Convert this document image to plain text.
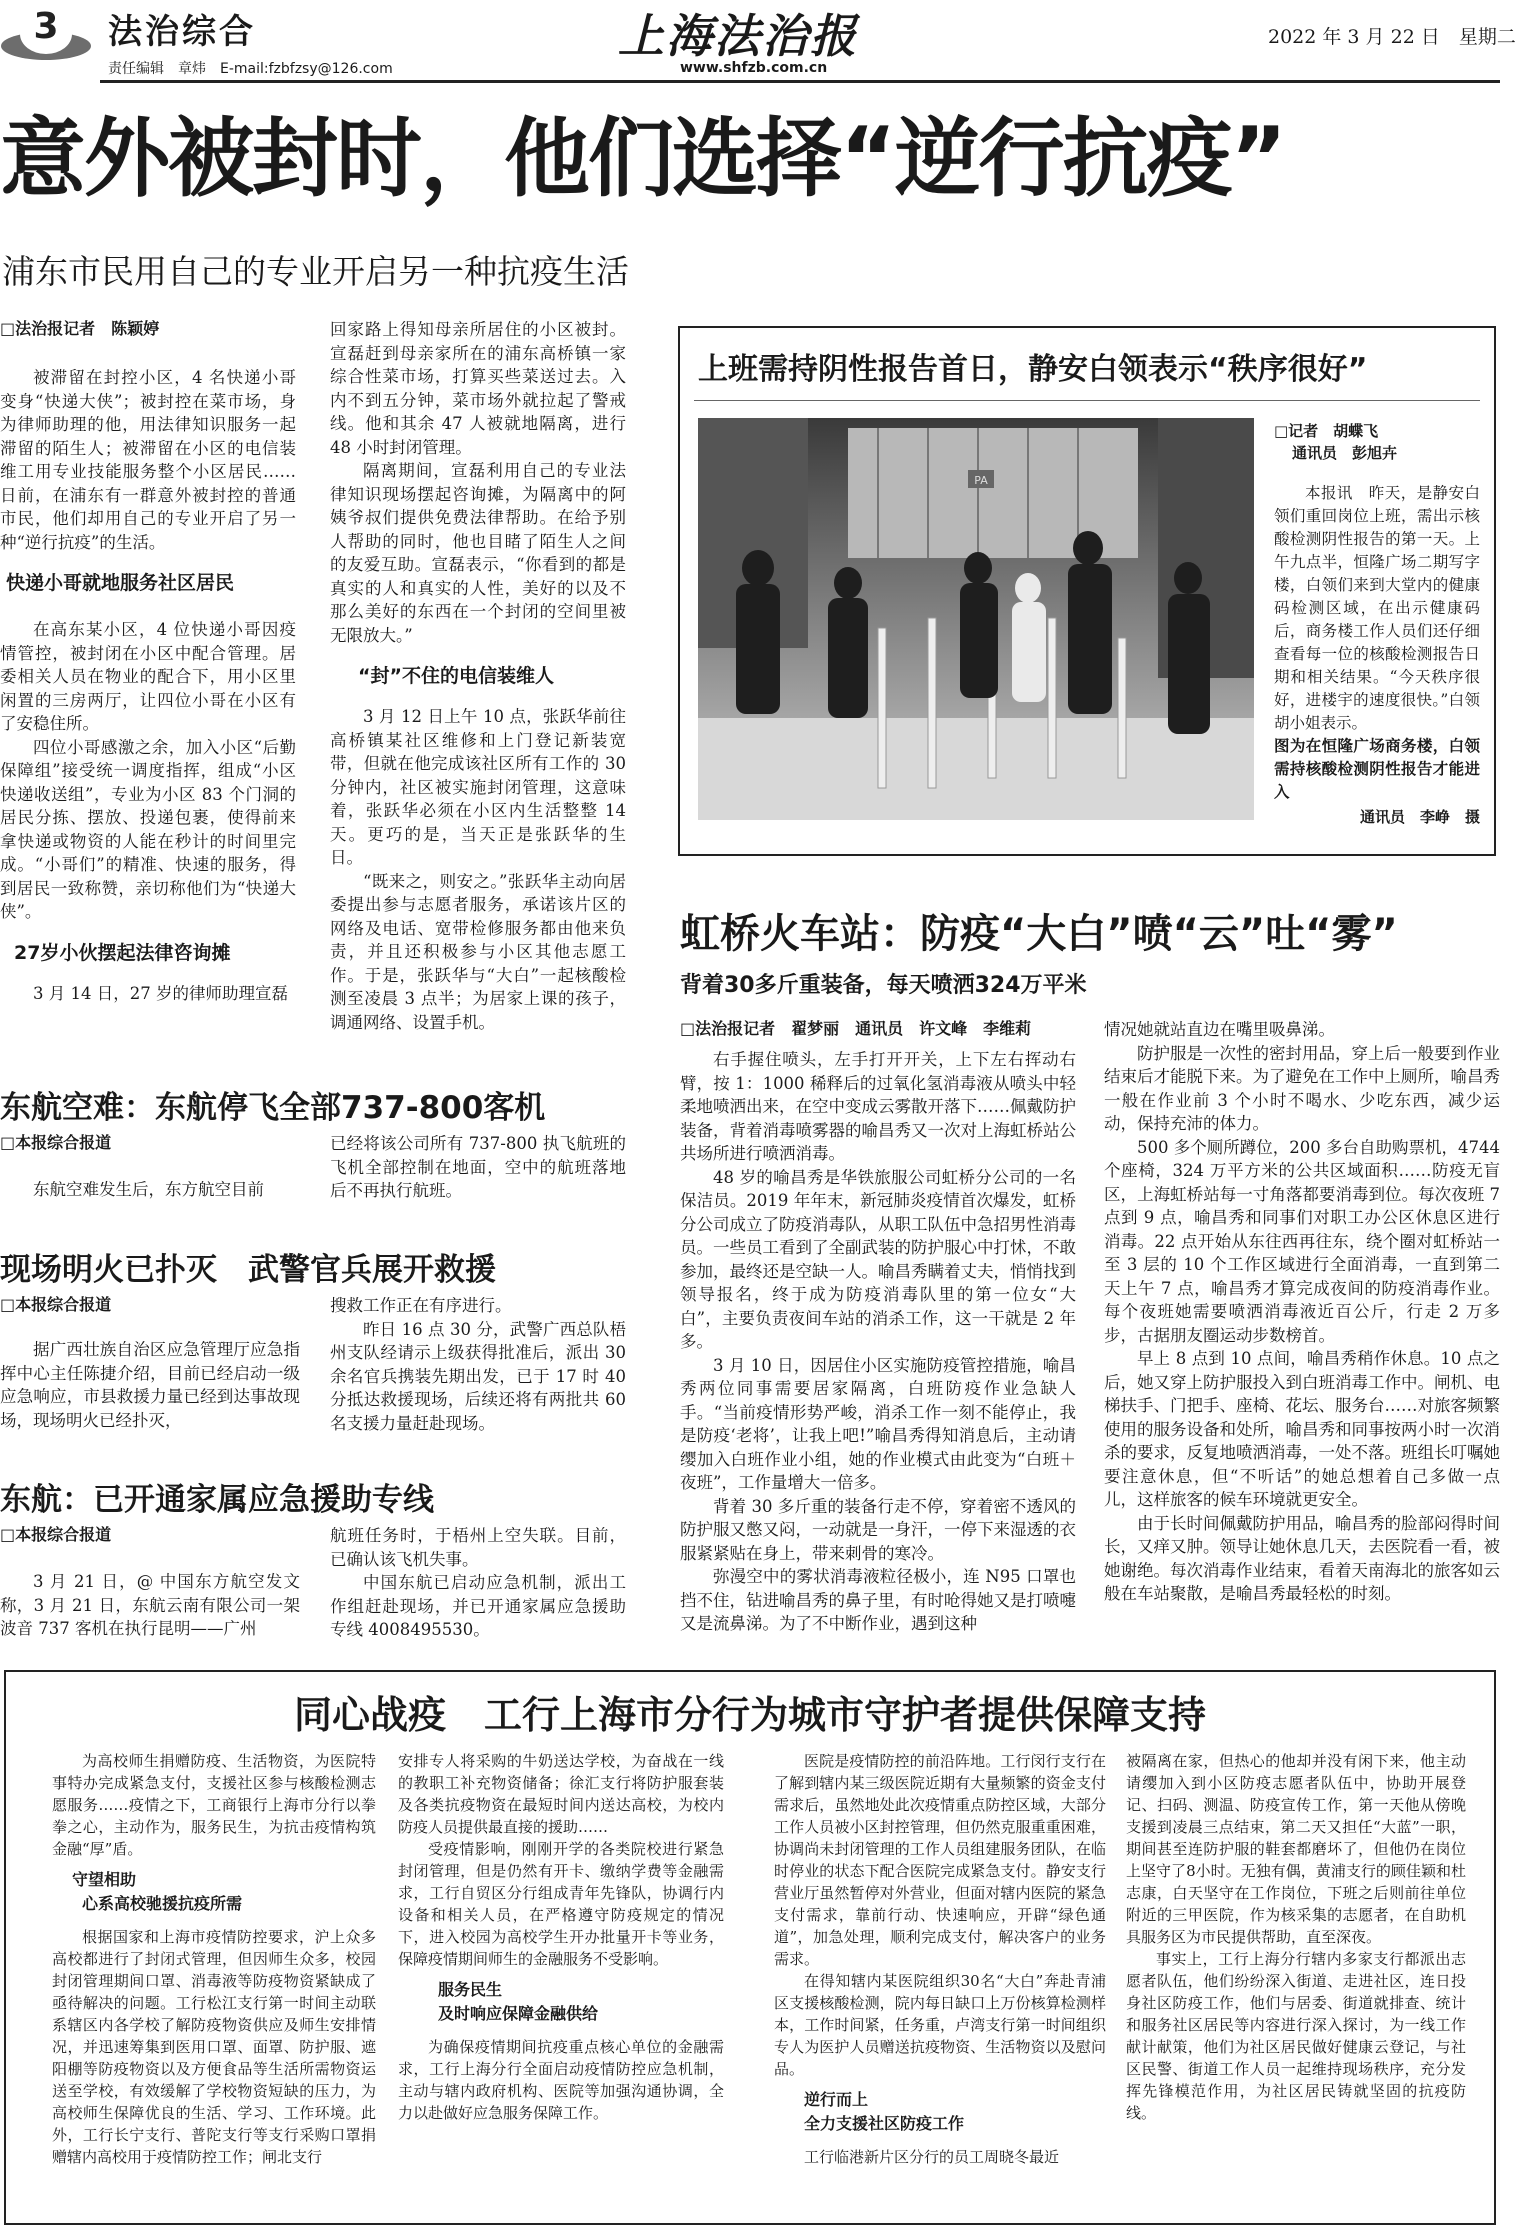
3	法治综合
责任编辑　章炜　E-mail:fzbfzsy@126.com
上海法治报
www.shfzb.com.cn
2022 年 3 月 22 日　星期二
意外被封时，他们选择“逆行抗疫”
浦东市民用自己的专业开启另一种抗疫生活
□法治报记者　陈颖婷

被滞留在封控小区，4 名快递小哥变身“快递大侠”；被封控在菜市场，身为律师助理的他，用法律知识服务一起滞留的陌生人；被滞留在小区的电信装维工用专业技能服务整个小区居民……日前，在浦东有一群意外被封控的普通市民，他们却用自己的专业开启了另一种“逆行抗疫”的生活。

快递小哥就地服务社区居民

在高东某小区，4 位快递小哥因疫情管控，被封闭在小区中配合管理。居委相关人员在物业的配合下，用小区里闲置的三房两厅，让四位小哥在小区有了安稳住所。

四位小哥感激之余，加入小区“后勤保障组”接受统一调度指挥，组成“小区快递收送组”，专业为小区 83 个门洞的居民分拣、摆放、投递包裹，使得前来拿快递或物资的人能在秒计的时间里完成。“小哥们”的精准、快速的服务，得到居民一致称赞，亲切称他们为“快递大侠”。

27岁小伙摆起法律咨询摊

3 月 14 日，27 岁的律师助理宣磊

回家路上得知母亲所居住的小区被封。宣磊赶到母亲家所在的浦东高桥镇一家综合性菜市场，打算买些菜送过去。入内不到五分钟，菜市场外就拉起了警戒线。他和其余 47 人被就地隔离，进行 48 小时封闭管理。

隔离期间，宣磊利用自己的专业法律知识现场摆起咨询摊，为隔离中的阿姨爷叔们提供免费法律帮助。在给予别人帮助的同时，他也目睹了陌生人之间的友爱互助。宣磊表示，“你看到的都是真实的人和真实的人性，美好的以及不那么美好的东西在一个封闭的空间里被无限放大。”

“封”不住的电信装维人

3 月 12 日上午 10 点，张跃华前往高桥镇某社区维修和上门登记新装宽带，但就在他完成该社区所有工作的 30 分钟内，社区被实施封闭管理，这意味着，张跃华必须在小区内生活整整 14 天。更巧的是，当天正是张跃华的生日。

“既来之，则安之。”张跃华主动向居委提出参与志愿者服务，承诺该片区的网络及电话、宽带检修服务都由他来负责，并且还积极参与小区其他志愿工作。于是，张跃华与“大白”一起核酸检测至凌晨 3 点半；为居家上课的孩子，调通网络、设置手机。

上班需持阴性报告首日，静安白领表示“秩序很好”
PA
□记者　胡蝶飞
通讯员　彭旭卉

本报讯　昨天，是静安白领们重回岗位上班，需出示核酸检测阴性报告的第一天。上午九点半，恒隆广场二期写字楼，白领们来到大堂内的健康码检测区域，在出示健康码后，商务楼工作人员们还仔细查看每一位的核酸检测报告日期和相关结果。“今天秩序很好，进楼宇的速度很快。”白领胡小姐表示。

图为在恒隆广场商务楼，白领需持核酸检测阴性报告才能进入

通讯员　李峥　摄
虹桥火车站：防疫“大白”喷“云”吐“雾”
背着30多斤重装备，每天喷洒324万平米
□法治报记者　翟梦丽　通讯员　许文峰　李维莉

右手握住喷头，左手打开开关，上下左右挥动右臂，按 1：1000 稀释后的过氧化氢消毒液从喷头中轻柔地喷洒出来，在空中变成云雾散开落下……佩戴防护装备，背着消毒喷雾器的喻昌秀又一次对上海虹桥站公共场所进行喷洒消毒。

48 岁的喻昌秀是华铁旅服公司虹桥分公司的一名保洁员。2019 年年末，新冠肺炎疫情首次爆发，虹桥分公司成立了防疫消毒队，从职工队伍中急招男性消毒员。一些员工看到了全副武装的防护服心中打怵，不敢参加，最终还是空缺一人。喻昌秀瞒着丈夫，悄悄找到领导报名，终于成为防疫消毒队里的第一位女“大白”，主要负责夜间车站的消杀工作，这一干就是 2 年多。

3 月 10 日，因居住小区实施防疫管控措施，喻昌秀两位同事需要居家隔离，白班防疫作业急缺人手。“当前疫情形势严峻，消杀工作一刻不能停止，我是防疫‘老将’，让我上吧!”喻昌秀得知消息后，主动请缨加入白班作业小组，她的作业模式由此变为“白班＋夜班”，工作量增大一倍多。

背着 30 多斤重的装备行走不停，穿着密不透风的防护服又憋又闷，一动就是一身汗，一停下来湿透的衣服紧紧贴在身上，带来刺骨的寒冷。

弥漫空中的雾状消毒液粒径极小，连 N95 口罩也挡不住，钻进喻昌秀的鼻子里，有时呛得她又是打喷嚏又是流鼻涕。为了不中断作业，遇到这种

情况她就站直边在嘴里吸鼻涕。

防护服是一次性的密封用品，穿上后一般要到作业结束后才能脱下来。为了避免在工作中上厕所，喻昌秀一般在作业前 3 个小时不喝水、少吃东西，减少运动，保持充沛的体力。

500 多个厕所蹲位，200 多台自助购票机，4744 个座椅，324 万平方米的公共区域面积……防疫无盲区，上海虹桥站每一寸角落都要消毒到位。每次夜班 7 点到 9 点，喻昌秀和同事们对职工办公区休息区进行消毒。22 点开始从东往西再往东，绕个圈对虹桥站一至 3 层的 10 个工作区域进行全面消毒，一直到第二天上午 7 点，喻昌秀才算完成夜间的防疫消毒作业。每个夜班她需要喷洒消毒液近百公斤，行走 2 万多步，古据朋友圈运动步数榜首。

早上 8 点到 10 点间，喻昌秀稍作休息。10 点之后，她又穿上防护服投入到白班消毒工作中。闸机、电梯扶手、门把手、座椅、花坛、服务台……对旅客频繁使用的服务设备和处所，喻昌秀和同事按两小时一次消杀的要求，反复地喷洒消毒，一处不落。班组长叮嘱她要注意休息，但“不听话”的她总想着自己多做一点儿，这样旅客的候车环境就更安全。

由于长时间佩戴防护用品，喻昌秀的脸部闷得时间长，又痒又肿。领导让她休息几天，去医院看一看，被她谢绝。每次消毒作业结束，看着天南海北的旅客如云般在车站聚散，是喻昌秀最轻松的时刻。

东航空难：东航停飞全部737-800客机
□本报综合报道

东航空难发生后，东方航空目前

已经将该公司所有 737-800 执飞航班的飞机全部控制在地面，空中的航班落地后不再执行航班。

现场明火已扑灭　武警官兵展开救援
□本报综合报道

据广西壮族自治区应急管理厅应急指挥中心主任陈捷介绍，目前已经启动一级应急响应，市县救援力量已经到达事故现场，现场明火已经扑灭，

搜救工作正在有序进行。

昨日 16 点 30 分，武警广西总队梧州支队经请示上级获得批准后，派出 30 余名官兵携装先期出发，已于 17 时 40 分抵达救援现场，后续还将有两批共 60 名支援力量赶赴现场。

东航：已开通家属应急援助专线
□本报综合报道

3 月 21 日，@ 中国东方航空发文称，3 月 21 日，东航云南有限公司一架波音 737 客机在执行昆明——广州

航班任务时，于梧州上空失联。目前，已确认该飞机失事。

中国东航已启动应急机制，派出工作组赶赴现场，并已开通家属应急援助专线 4008495530。

同心战疫　工行上海市分行为城市守护者提供保障支持

为高校师生捐赠防疫、生活物资，为医院特事特办完成紧急支付，支援社区参与核酸检测志愿服务……疫情之下，工商银行上海市分行以拳拳之心，主动作为，服务民生，为抗击疫情构筑金融“厚”盾。

守望相助
心系高校驰援抗疫所需

根据国家和上海市疫情防控要求，沪上众多高校都进行了封闭式管理，但因师生众多，校园封闭管理期间口罩、消毒液等防疫物资紧缺成了亟待解决的问题。工行松江支行第一时间主动联系辖区内各学校了解防疫物资供应及师生安排情况，并迅速筹集到医用口罩、面罩、防护服、遮阳棚等防疫物资以及方便食品等生活所需物资运送至学校，有效缓解了学校物资短缺的压力，为高校师生保障优良的生活、学习、工作环境。此外，工行长宁支行、普陀支行等支行采购口罩捐赠辖内高校用于疫情防控工作；闸北支行

安排专人将采购的牛奶送达学校，为奋战在一线的教职工补充物资储备；徐汇支行将防护服套装及各类抗疫物资在最短时间内送达高校，为校内防疫人员提供最直接的援助……

受疫情影响，刚刚开学的各类院校进行紧急封闭管理，但是仍然有开卡、缴纳学费等金融需求，工行自贸区分行组成青年先锋队，协调行内设备和相关人员，在严格遵守防疫规定的情况下，进入校园为高校学生开办批量开卡等业务，保障疫情期间师生的金融服务不受影响。

服务民生
及时响应保障金融供给

为确保疫情期间抗疫重点核心单位的金融需求，工行上海分行全面启动疫情防控应急机制，主动与辖内政府机构、医院等加强沟通协调，全力以赴做好应急服务保障工作。

医院是疫情防控的前沿阵地。工行闵行支行在了解到辖内某三级医院近期有大量频繁的资金支付需求后，虽然地处此次疫情重点防控区域，大部分工作人员被小区封控管理，但仍然克服重重困难，协调尚未封闭管理的工作人员组建服务团队，在临时停业的状态下配合医院完成紧急支付。静安支行营业厅虽然暂停对外营业，但面对辖内医院的紧急支付需求，靠前行动、快速响应，开辟“绿色通道”，加急处理，顺利完成支付，解决客户的业务需求。

在得知辖内某医院组织30名“大白”奔赴青浦区支援核酸检测，院内每日缺口上万份核算检测样本，工作时间紧，任务重，卢湾支行第一时间组织专人为医护人员赠送抗疫物资、生活物资以及慰问品。

逆行而上
全力支援社区防疫工作

工行临港新片区分行的员工周晓冬最近

被隔离在家，但热心的他却并没有闲下来，他主动请缨加入到小区防疫志愿者队伍中，协助开展登记、扫码、测温、防疫宣传工作，第一天他从傍晚支援到凌晨三点结束，第二天又担任“大蓝”一职，期间甚至连防护服的鞋套都磨坏了，但他仍在岗位上坚守了8小时。无独有偶，黄浦支行的顾佳颖和杜志康，白天坚守在工作岗位，下班之后则前往单位附近的三甲医院，作为核采集的志愿者，在自助机具服务区为市民提供帮助，直至深夜。

事实上，工行上海分行辖内多家支行都派出志愿者队伍，他们纷纷深入街道、走进社区，连日投身社区防疫工作，他们与居委、街道就排查、统计和服务社区居民等内容进行深入探讨，为一线工作献计献策，他们为社区居民做好健康云登记，与社区民警、街道工作人员一起维持现场秩序，充分发挥先锋模范作用，为社区居民铸就坚固的抗疫防线。
